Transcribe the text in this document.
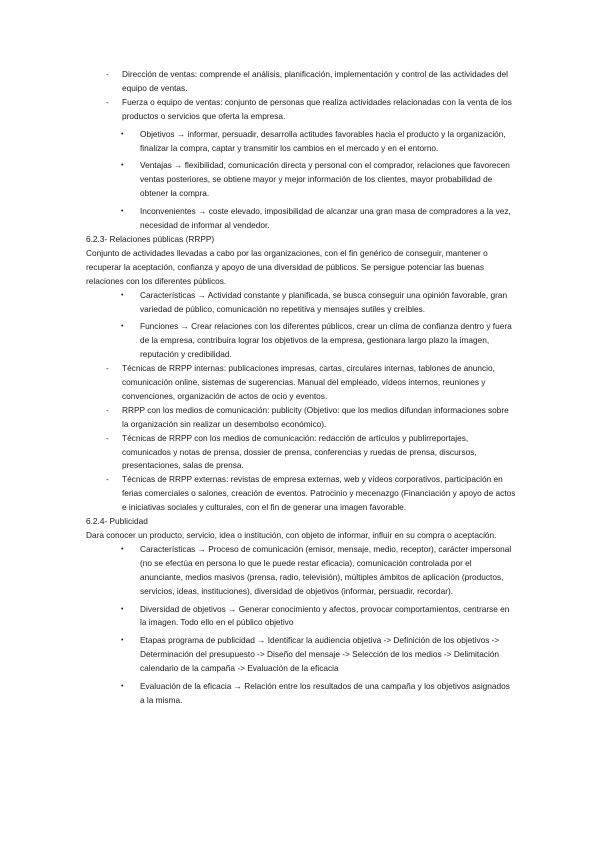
- Dirección de ventas: comprende el análisis, planificación, implementación y control de las actividades del equipo de ventas.
- Fuerza o equipo de ventas: conjunto de personas que realiza actividades relacionadas con la venta de los productos o servicios que oferta la empresa.
• Objetivos → informar, persuadir, desarrolla actitudes favorables hacia el producto y la organización, finalizar la compra, captar y transmitir los cambios en el mercado y en el entorno.
• Ventajas → flexibilidad, comunicación directa y personal con el comprador, relaciones que favorecen ventas posteriores, se obtiene mayor y mejor información de los clientes, mayor probabilidad de obtener la compra.
• Inconvenientes → coste elevado, imposibilidad de alcanzar una gran masa de compradores a la vez, necesidad de informar al vendedor.
6.2.3- Relaciones públicas (RRPP)
Conjunto de actividades llevadas a cabo por las organizaciones, con el fin genérico de conseguir, mantener o recuperar la aceptación, confianza y apoyo de una diversidad de públicos. Se persigue potenciar las buenas relaciones con los diferentes públicos.
• Características → Actividad constante y planificada, se busca conseguir una opinión favorable, gran variedad de público, comunicación no repetitiva y mensajes sutiles y creíbles.
• Funciones → Crear relaciones con los diferentes públicos, crear un clima de confianza dentro y fuera de la empresa, contribuira lograr los objetivos de la empresa, gestionara largo plazo la imagen, reputación y credibilidad.
- Técnicas de RRPP internas: publicaciones impresas, cartas, circulares internas, tablones de anuncio, comunicación online, sistemas de sugerencias. Manual del empleado, vídeos internos, reuniones y convenciones, organización de actos de ocio y eventos.
- RRPP con los medios de comunicación: publicity (Objetivo: que los medios difundan informaciones sobre la organización sin realizar un desembolso económico).
- Técnicas de RRPP con los medios de comunicación: redacción de artículos y publirreportajes, comunicados y notas de prensa, dossier de prensa, conferencias y ruedas de prensa, discursos, presentaciones, salas de prensa.
- Técnicas de RRPP externas: revistas de empresa externas, web y vídeos corporativos, participación en ferias comerciales o salones, creación de eventos. Patrocinio y mecenazgo (Financiación y apoyo de actos e iniciativas sociales y culturales, con el fin de generar una imagen favorable.
6.2.4- Publicidad
Dara conocer un producto, servicio, idea o institución, con objeto de informar, influir en su compra o aceptación.
• Características → Proceso de comunicación (emisor, mensaje, medio, receptor), carácter impersonal (no se efectúa en persona lo que le puede restar eficacia), comunicación controlada por el anunciante, medios masivos (prensa, radio, televisión), múltiples ámbitos de aplicación (productos, servicios, ideas, instituciones), diversidad de objetivos (informar, persuadir, recordar).
• Diversidad de objetivos → Generar conocimiento y afectos, provocar comportamientos, centrarse en la imagen. Todo ello en el público objetivo
• Etapas programa de publicidad → Identificar la audiencia objetiva -> Definición de los objetivos -> Determinación del presupuesto -> Diseño del mensaje -> Selección de los medios -> Delimitación calendario de la campaña -> Evaluación de la eficacia
• Evaluación de la eficacia → Relación entre los resultados de una campaña y los objetivos asignados a la misma.
